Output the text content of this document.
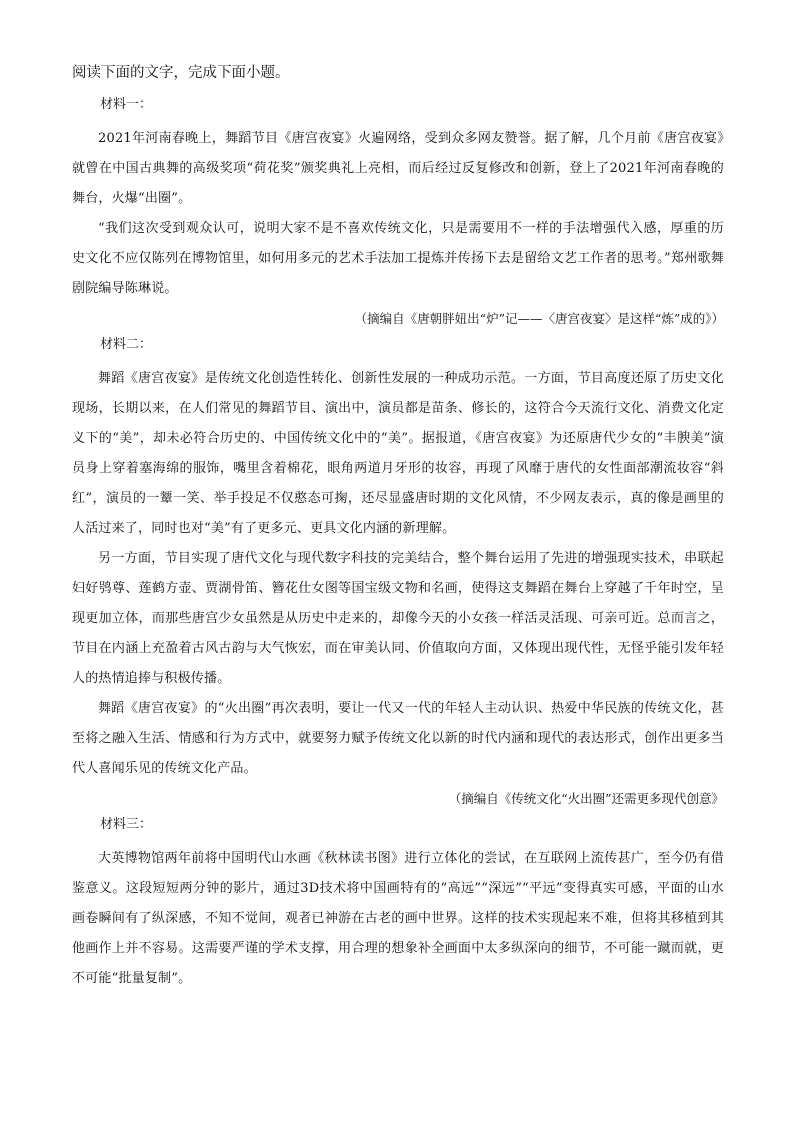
阅读下面的文字，完成下面小题。

材料一：

2021年河南春晚上，舞蹈节目《唐宫夜宴》火遍网络，受到众多网友赞誉。据了解，几个月前《唐宫夜宴》就曾在中国古典舞的高级奖项“荷花奖”颁奖典礼上亮相，而后经过反复修改和创新，登上了2021年河南春晚的舞台，火爆“出圈”。

“我们这次受到观众认可，说明大家不是不喜欢传统文化，只是需要用不一样的手法增强代入感，厚重的历史文化不应仅陈列在博物馆里，如何用多元的艺术手法加工提炼并传扬下去是留给文艺工作者的思考。”郑州歌舞剧院编导陈琳说。

（摘编自《唐朝胖妞出“炉”记——〈唐宫夜宴〉是这样“炼”成的》）

材料二：

舞蹈《唐宫夜宴》是传统文化创造性转化、创新性发展的一种成功示范。一方面，节目高度还原了历史文化现场，长期以来，在人们常见的舞蹈节目、演出中，演员都是苗条、修长的，这符合今天流行文化、消费文化定义下的“美”，却未必符合历史的、中国传统文化中的“美”。据报道，《唐宫夜宴》为还原唐代少女的“丰腴美”演员身上穿着塞海绵的服饰，嘴里含着棉花，眼角两道月牙形的妆容，再现了风靡于唐代的女性面部潮流妆容“斜红”，演员的一颦一笑、举手投足不仅憨态可掬，还尽显盛唐时期的文化风情，不少网友表示，真的像是画里的人活过来了，同时也对“美”有了更多元、更具文化内涵的新理解。

另一方面，节目实现了唐代文化与现代数字科技的完美结合，整个舞台运用了先进的增强现实技术，串联起妇好鸮尊、莲鹤方壶、贾湖骨笛、簪花仕女图等国宝级文物和名画，使得这支舞蹈在舞台上穿越了千年时空，呈现更加立体，而那些唐宫少女虽然是从历史中走来的，却像今天的小女孩一样活灵活现、可亲可近。总而言之，节目在内涵上充盈着古风古韵与大气恢宏，而在审美认同、价值取向方面，又体现出现代性，无怪乎能引发年轻人的热情追捧与积极传播。

舞蹈《唐宫夜宴》的“火出圈”再次表明，要让一代又一代的年轻人主动认识、热爱中华民族的传统文化，甚至将之融入生活、情感和行为方式中，就要努力赋予传统文化以新的时代内涵和现代的表达形式，创作出更多当代人喜闻乐见的传统文化产品。

（摘编自《传统文化“火出圈”还需更多现代创意》

材料三：

大英博物馆两年前将中国明代山水画《秋林读书图》进行立体化的尝试，在互联网上流传甚广，至今仍有借鉴意义。这段短短两分钟的影片，通过3D技术将中国画特有的“高远”“深远”“平远”变得真实可感，平面的山水画卷瞬间有了纵深感，不知不觉间，观者已神游在古老的画中世界。这样的技术实现起来不难，但将其移植到其他画作上并不容易。这需要严谨的学术支撑，用合理的想象补全画面中太多纵深向的细节，不可能一蹴而就，更不可能“批量复制”。
